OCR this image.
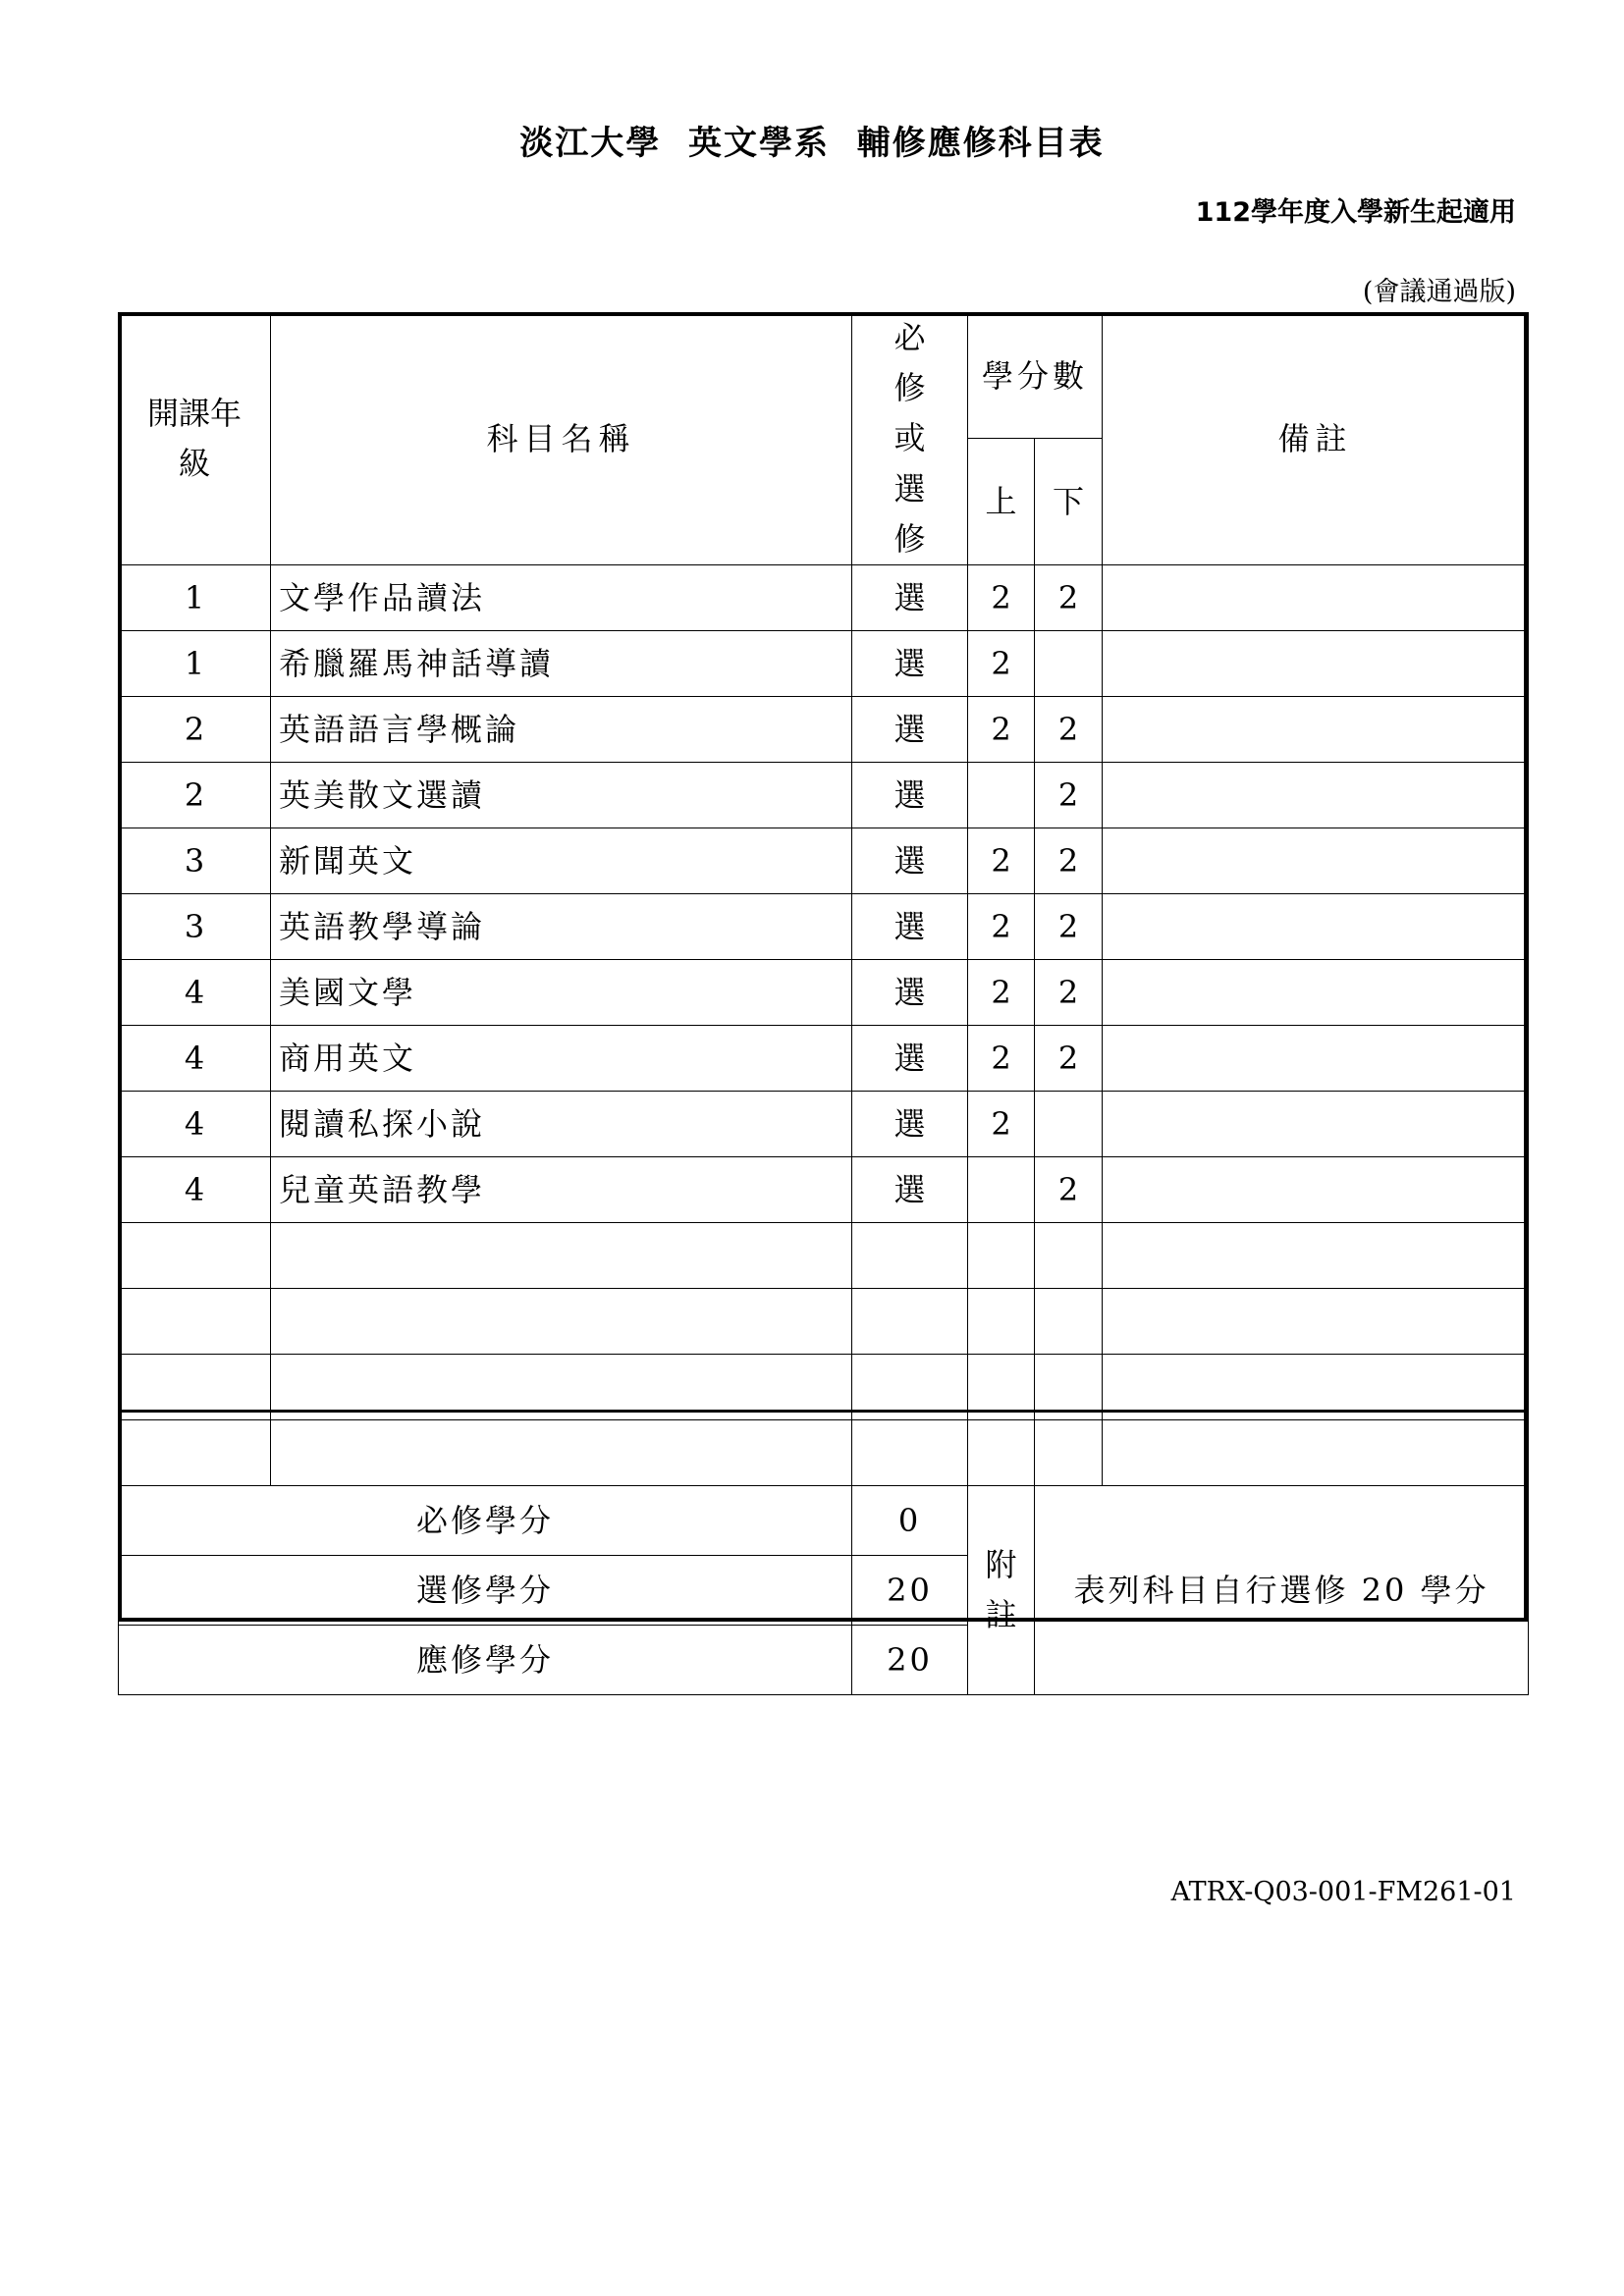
淡江大學  英文學系  輔修應修科目表
112學年度入學新生起適用
(會議通過版)
開課年級	科目名稱	必修或選修	學分數		備註
			上	下	
1	文學作品讀法	選	2	2	
1	希臘羅馬神話導讀	選	2		
2	英語語言學概論	選	2	2	
2	英美散文選讀	選		2	
3	新聞英文	選	2	2	
3	英語教學導論	選	2	2	
4	美國文學	選	2	2	
4	商用英文	選	2	2	
4	閱讀私探小說	選	2		
4	兒童英語教學	選		2	

必修學分		0	附註	表列科目自行選修 20 學分	
選修學分		20			
應修學分		20			
ATRX-Q03-001-FM261-01
